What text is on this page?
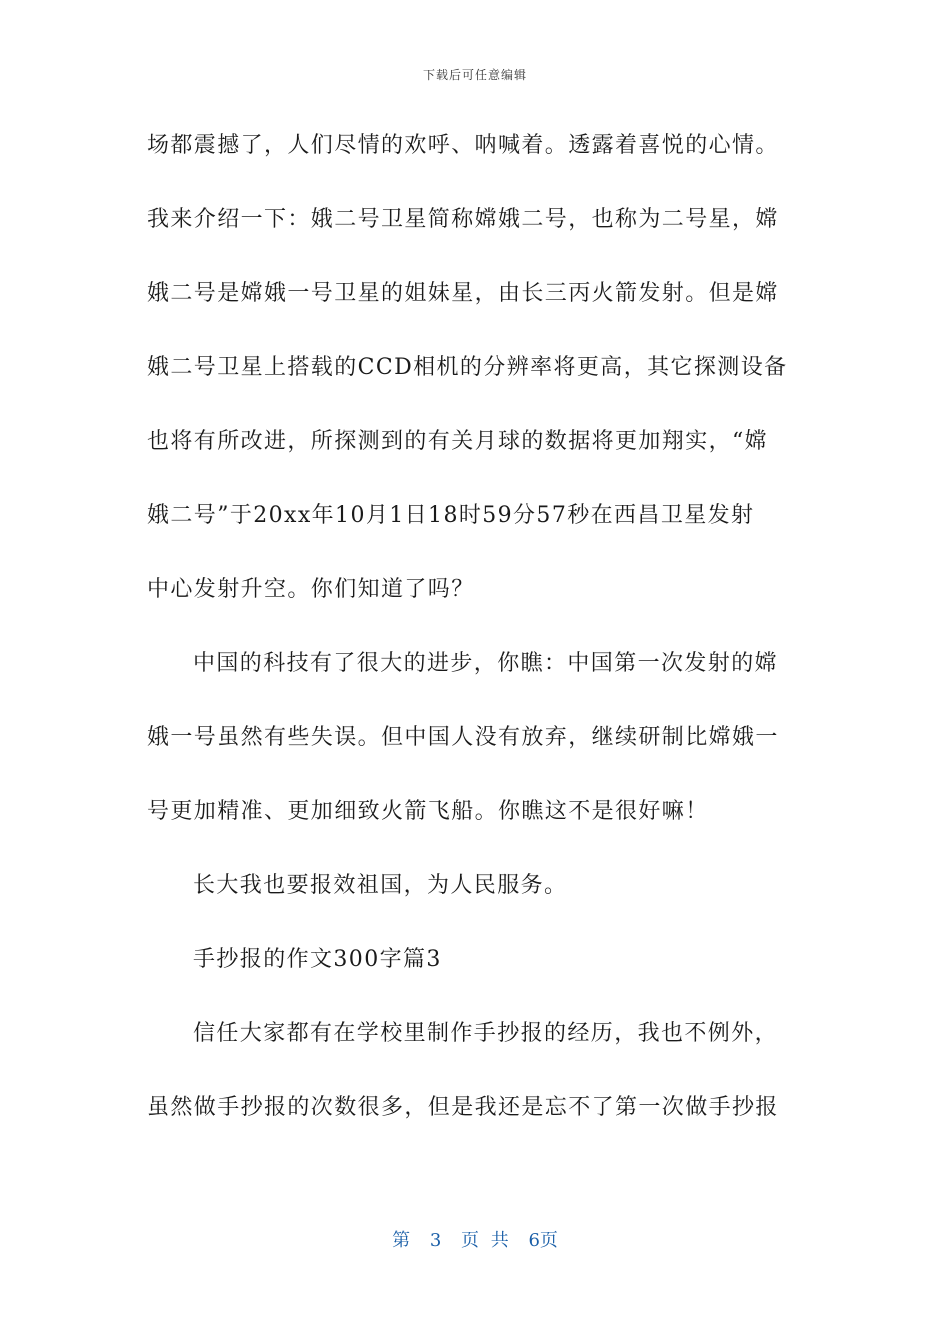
下载后可任意编辑
场都震撼了，人们尽情的欢呼、呐喊着。透露着喜悦的心情。
我来介绍一下：娥二号卫星简称嫦娥二号，也称为二号星，嫦
娥二号是嫦娥一号卫星的姐妹星，由长三丙火箭发射。但是嫦
娥二号卫星上搭载的CCD相机的分辨率将更高，其它探测设备
也将有所改进，所探测到的有关月球的数据将更加翔实，“嫦
娥二号”于20xx年10月1日18时59分57秒在西昌卫星发射
中心发射升空。你们知道了吗？
中国的科技有了很大的进步，你瞧：中国第一次发射的嫦
娥一号虽然有些失误。但中国人没有放弃，继续研制比嫦娥一
号更加精准、更加细致火箭飞船。你瞧这不是很好嘛！
长大我也要报效祖国，为人民服务。
手抄报的作文300字篇3
信任大家都有在学校里制作手抄报的经历，我也不例外，
虽然做手抄报的次数很多，但是我还是忘不了第一次做手抄报
第 3 页 共 6页
